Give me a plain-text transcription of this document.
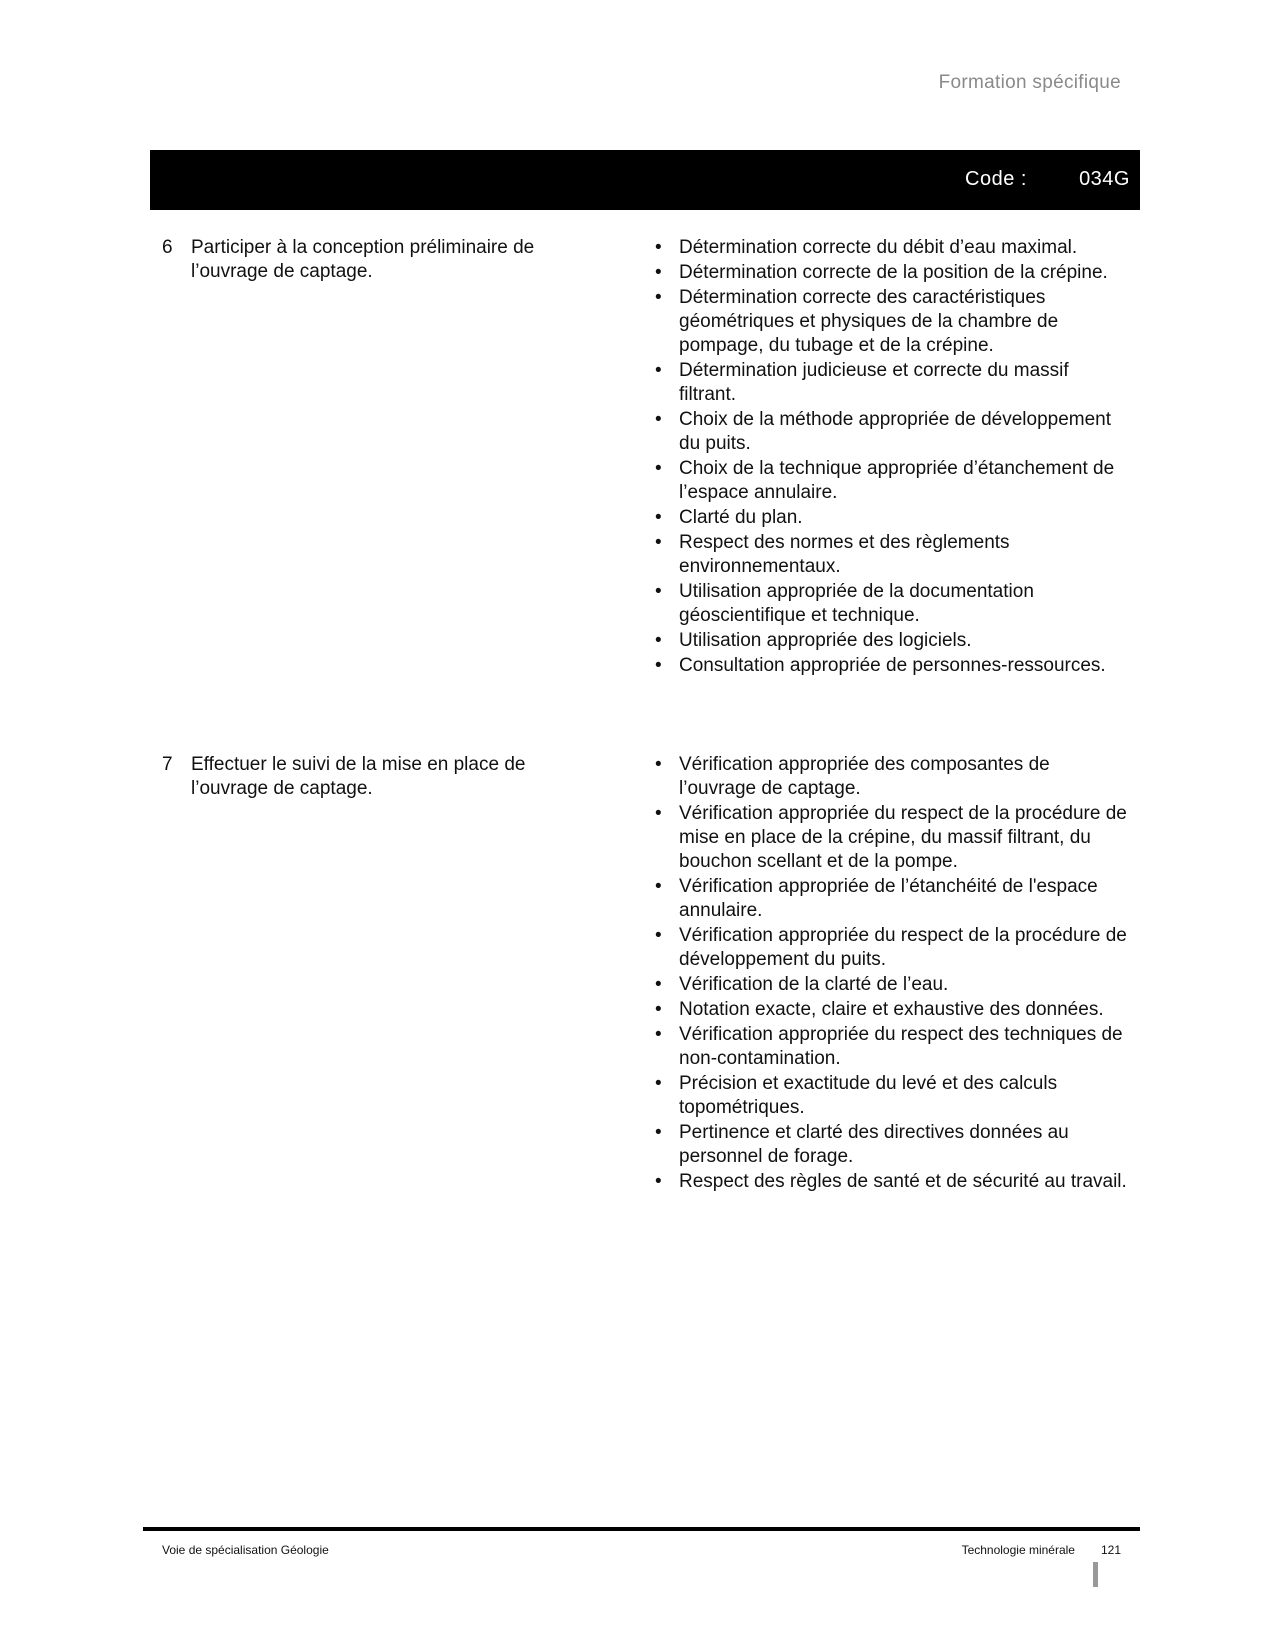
Formation spécifique
Code :	034G
6 Participer à la conception préliminaire de l’ouvrage de captage.
• Détermination correcte du débit d’eau maximal.
• Détermination correcte de la position de la crépine.
• Détermination correcte des caractéristiques géométriques et physiques de la chambre de pompage, du tubage et de la crépine.
• Détermination judicieuse et correcte du massif filtrant.
• Choix de la méthode appropriée de développement du puits.
• Choix de la technique appropriée d’étanchement de l’espace annulaire.
• Clarté du plan.
• Respect des normes et des règlements environnementaux.
• Utilisation appropriée de la documentation géoscientifique et technique.
• Utilisation appropriée des logiciels.
• Consultation appropriée de personnes-ressources.
7 Effectuer le suivi de la mise en place de l’ouvrage de captage.
• Vérification appropriée des composantes de l’ouvrage de captage.
• Vérification appropriée du respect de la procédure de mise en place de la crépine, du massif filtrant, du bouchon scellant et de la pompe.
• Vérification appropriée de l’étanchéité de l'espace annulaire.
• Vérification appropriée du respect de la procédure de développement du puits.
• Vérification de la clarté de l’eau.
• Notation exacte, claire et exhaustive des données.
• Vérification appropriée du respect des techniques de non-contamination.
• Précision et exactitude du levé et des calculs topométriques.
• Pertinence et clarté des directives données au personnel de forage.
• Respect des règles de santé et de sécurité au travail.
Voie de spécialisation Géologie	Technologie minérale 121
